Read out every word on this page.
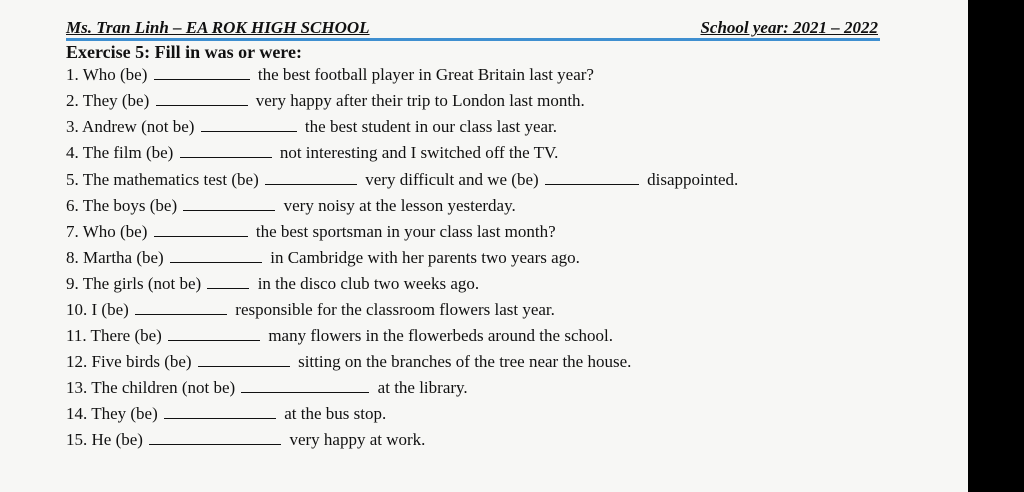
Ms. Tran Linh – EA ROK HIGH SCHOOL	School year: 2021 – 2022
Exercise 5: Fill in was or were:
1. Who (be)	the best football player in Great Britain last year?
2. They (be)	very happy after their trip to London last month.
3. Andrew (not be)	the best student in our class last year.
4. The film (be)	not interesting and I switched off the TV.
5. The mathematics test (be)	very difficult and we (be)	disappointed.
6. The boys (be)	very noisy at the lesson yesterday.
7. Who (be)	the best sportsman in your class last month?
8. Martha (be)	in Cambridge with her parents two years ago.
9. The girls (not be)	in the disco club two weeks ago.
10. I (be)	responsible for the classroom flowers last year.
11. There (be)	many flowers in the flowerbeds around the school.
12. Five birds (be)	sitting on the branches of the tree near the house.
13. The children (not be)	at the library.
14. They (be)	at the bus stop.
15. He (be)	very happy at work.
